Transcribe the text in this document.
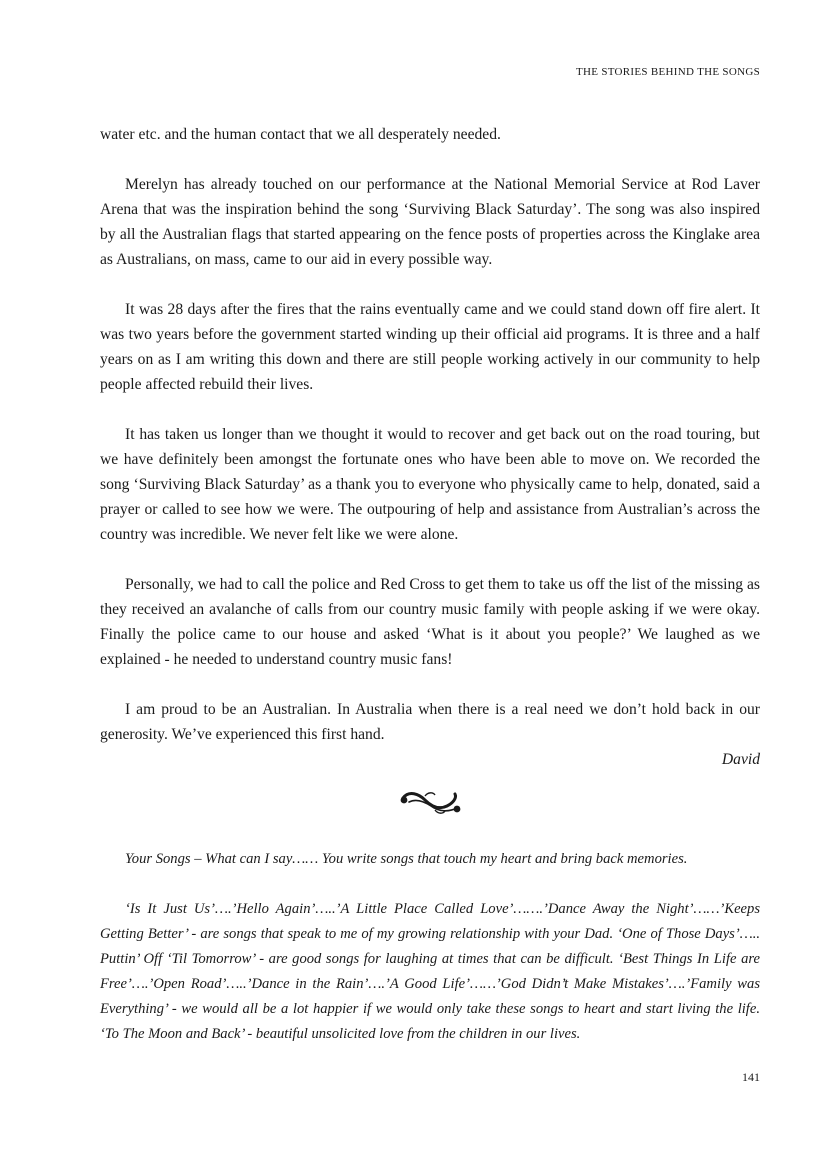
THE STORIES BEHIND THE SONGS

water etc. and the human contact that we all desperately needed.

Merelyn has already touched on our performance at the National Memorial Service at Rod Laver Arena that was the inspiration behind the song ‘Surviving Black Saturday’. The song was also inspired by all the Australian flags that started appearing on the fence posts of properties across the Kinglake area as Australians, on mass, came to our aid in every possible way.

It was 28 days after the fires that the rains eventually came and we could stand down off fire alert. It was two years before the government started winding up their official aid programs. It is three and a half years on as I am writing this down and there are still people working actively in our community to help people affected rebuild their lives.

It has taken us longer than we thought it would to recover and get back out on the road touring, but we have definitely been amongst the fortunate ones who have been able to move on. We recorded the song ‘Surviving Black Saturday’ as a thank you to everyone who physically came to help, donated, said a prayer or called to see how we were. The outpouring of help and assistance from Australian’s across the country was incredible. We never felt like we were alone.

Personally, we had to call the police and Red Cross to get them to take us off the list of the missing as they received an avalanche of calls from our country music family with people asking if we were okay. Finally the police came to our house and asked ‘What is it about you people?’ We laughed as we explained - he needed to understand country music fans!

I am proud to be an Australian. In Australia when there is a real need we don’t hold back in our generosity. We’ve experienced this first hand.

David

Your Songs – What can I say…… You write songs that touch my heart and bring back memories.

‘Is It Just Us’….’Hello Again’…..’A Little Place Called Love’…….’Dance Away the Night’……’Keeps Getting Better’ - are songs that speak to me of my growing relationship with your Dad. ‘One of Those Days’….. Puttin’ Off ‘Til Tomorrow’ - are good songs for laughing at times that can be difficult. ‘Best Things In Life are Free’….’Open Road’…..’Dance in the Rain’….’A Good Life’……’God Didn’t Make Mistakes’….’Family was Everything’ - we would all be a lot happier if we would only take these songs to heart and start living the life. ‘To The Moon and Back’ - beautiful unsolicited love from the children in our lives.

141
